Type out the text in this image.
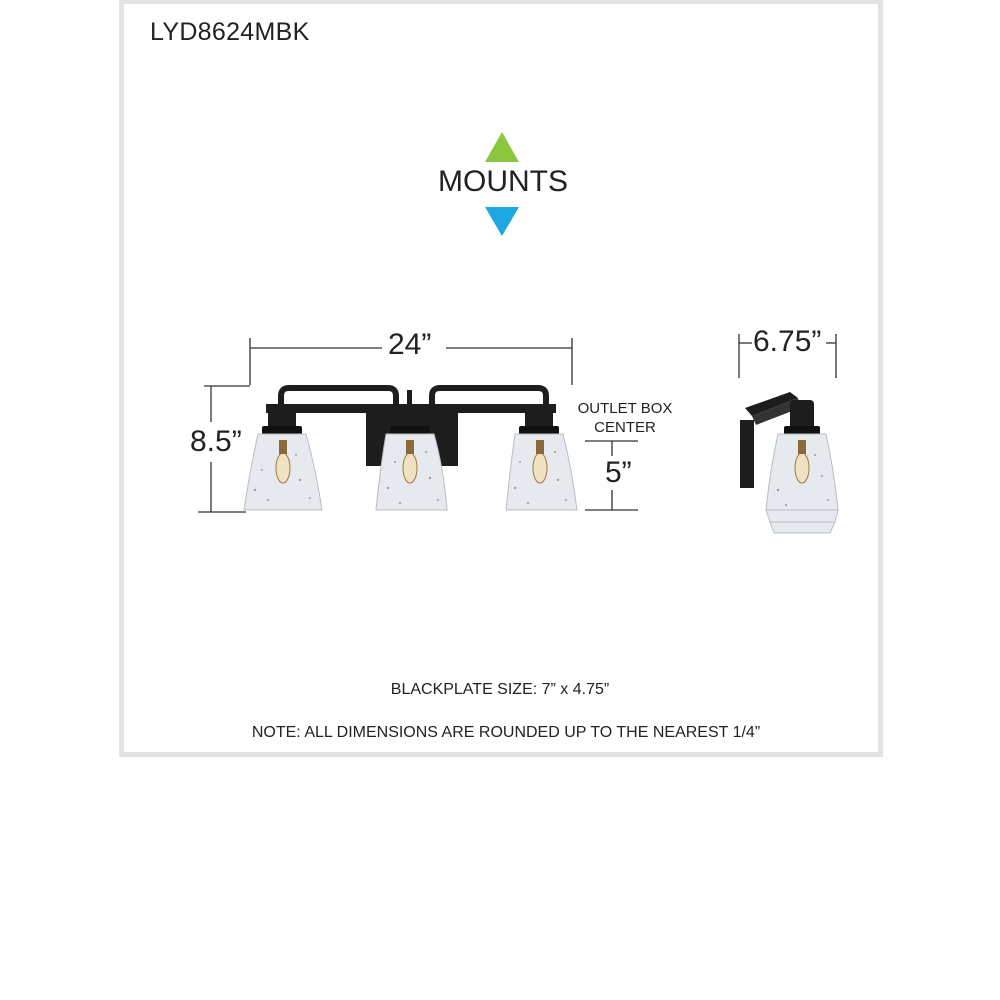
LYD8624MBK
MOUNTS
24”
8.5”
5”
6.75”
OUTLET BOX
CENTER
BLACKPLATE SIZE: 7” x 4.75”
NOTE: ALL DIMENSIONS ARE ROUNDED UP TO THE NEAREST 1/4”
